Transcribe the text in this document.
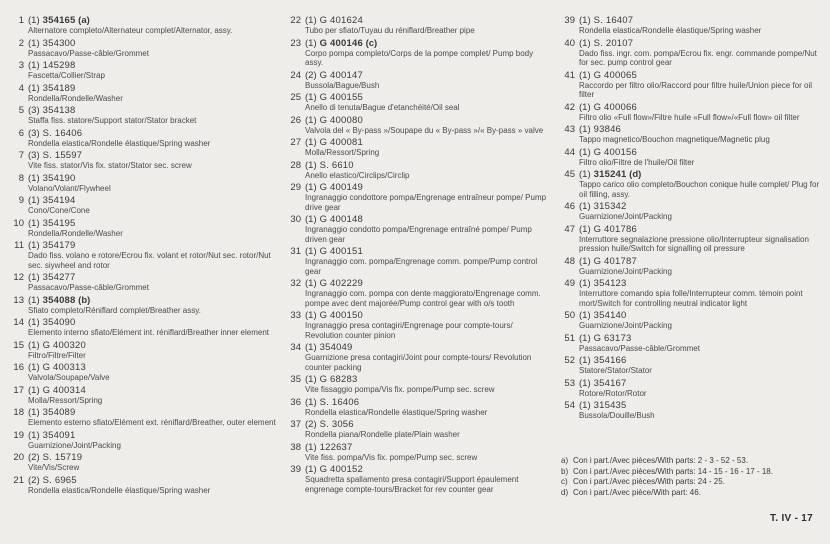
1 (1) 354165 (a)
Alternatore completo/Alternateur complet/Alternator, assy.
2 (1) 354300
Passacavo/Passe-câble/Grommet
3 (1) 145298
Fascetta/Collier/Strap
4 (1) 354189
Rondella/Rondelle/Washer
5 (3) 354138
Staffa fiss. statore/Support stator/Stator bracket
6 (3) S. 16406
Rondella elastica/Rondelle élastique/Spring washer
7 (3) S. 15597
Vite fiss. stator/Vis fix. stator/Stator sec. screw
8 (1) 354190
Volano/Volant/Flywheel
9 (1) 354194
Cono/Cone/Cone
10 (1) 354195
Rondella/Rondelle/Washer
11 (1) 354179
Dado fiss. volano e rotore/Ecrou fix. volant et rotor/Nut sec. rotor/Nut sec. siywheel and rotor
12 (1) 354277
Passacavo/Passe-câble/Grommet
13 (1) 354088 (b)
Sfiato completo/Réniflard complet/Breather assy.
14 (1) 354090
Elemento interno sfiato/Elément int. réniflard/Breather inner element
15 (1) G 400320
Filtro/Filtre/Filter
16 (1) G 400313
Valvola/Soupape/Valve
17 (1) G 400314
Molla/Ressort/Spring
18 (1) 354089
Elemento esterno sfiato/Elément ext. réniflard/Breather, outer element
19 (1) 354091
Guarnizione/Joint/Packing
20 (2) S. 15719
Vite/Vis/Screw
21 (2) S. 6965
Rondella elastica/Rondelle élastique/Spring washer
22 (1) G 401624
Tubo per sfiato/Tuyau du réniflard/Breather pipe
23 (1) G 400146 (c)
Corpo pompa completo/Corps de la pompe complet/ Pump body assy.
24 (2) G 400147
Bussola/Bague/Bush
25 (1) G 400155
Anello di tenuta/Bague d'etanchéité/Oil seal
26 (1) G 400080
Valvola del « By-pass »/Soupape du « By-pass »/« By-pass » valve
27 (1) G 400081
Molla/Ressort/Spring
28 (1) S. 6610
Anello elastico/Circlips/Circlip
29 (1) G 400149
Ingranaggio condottore pompa/Engrenage entraîneur pompe/ Pump drive gear
30 (1) G 400148
Ingranaggio condotto pompa/Engrenage entraîné pompe/ Pump driven gear
31 (1) G 400151
Ingranaggio com. pompa/Engrenage comm. pompe/Pump control gear
32 (1) G 402229
Ingranaggio com. pompa con dente maggiorato/Engrenage comm. pompe avec dent majorée/Pump control gear with o/s tooth
33 (1) G 400150
Ingranaggio presa contagiri/Engrenage pour compte-tours/ Revolution counter pinion
34 (1) 354049
Guarnizione presa contagiri/Joint pour compte-tours/ Revolution counter packing
35 (1) G 68283
Vite fissaggio pompa/Vis fix. pompe/Pump sec. screw
36 (1) S. 16406
Rondella elastica/Rondelle élastique/Spring washer
37 (2) S. 3056
Rondella piana/Rondelle plate/Plain washer
38 (1) 122637
Vite fiss. pompa/Vis fix. pompe/Pump sec. screw
39 (1) G 400152
Squadretta spallamento presa contagiri/Support épaulement engrenage compte-tours/Bracket for rev counter gear
39 (1) S. 16407
Rondella elastica/Rondelle élastique/Spring washer
40 (1) S. 20107
Dado fiss. ingr. com. pompa/Ecrou fix. engr. commande pompe/Nut for sec. pump control gear
41 (1) G 400065
Raccordo per filtro olio/Raccord pour filtre huile/Union piece for oil filter
42 (1) G 400066
Filtro olio «Full flow»/Filtre huile «Full flow»/«Full flow» oil filter
43 (1) 93846
Tappo magnetico/Bouchon magnetique/Magnetic plug
44 (1) G 400156
Filtro olio/Filtre de l'huile/Oil filter
45 (1) 315241 (d)
Tappo carico olio completo/Bouchon conique huile complet/ Plug for oil filling, assy.
46 (1) 315342
Guarnizione/Joint/Packing
47 (1) G 401786
Interruttore segnalazione pressione olio/Interrupteur signalisation pression huile/Switch for signalling oil pressure
48 (1) G 401787
Guarnizione/Joint/Packing
49 (1) 354123
Interruttore comando spia folle/Interrupteur comm. témoin point mort/Switch for controlling neutral indicator light
50 (1) 354140
Guarnizione/Joint/Packing
51 (1) G 63173
Passacavo/Passe-câble/Grommet
52 (1) 354166
Statore/Stator/Stator
53 (1) 354167
Rotore/Rotor/Rotor
54 (1) 315435
Bussola/Douille/Bush
a) Con i part./Avec pièces/With parts: 2 - 3 - 52 - 53.
b) Con i part./Avec pièces/With parts: 14 - 15 - 16 - 17 - 18.
c) Con i part./Avec pièces/With parts: 24 - 25.
d) Con i part./Avec pièce/With part: 46.
T. IV - 17
